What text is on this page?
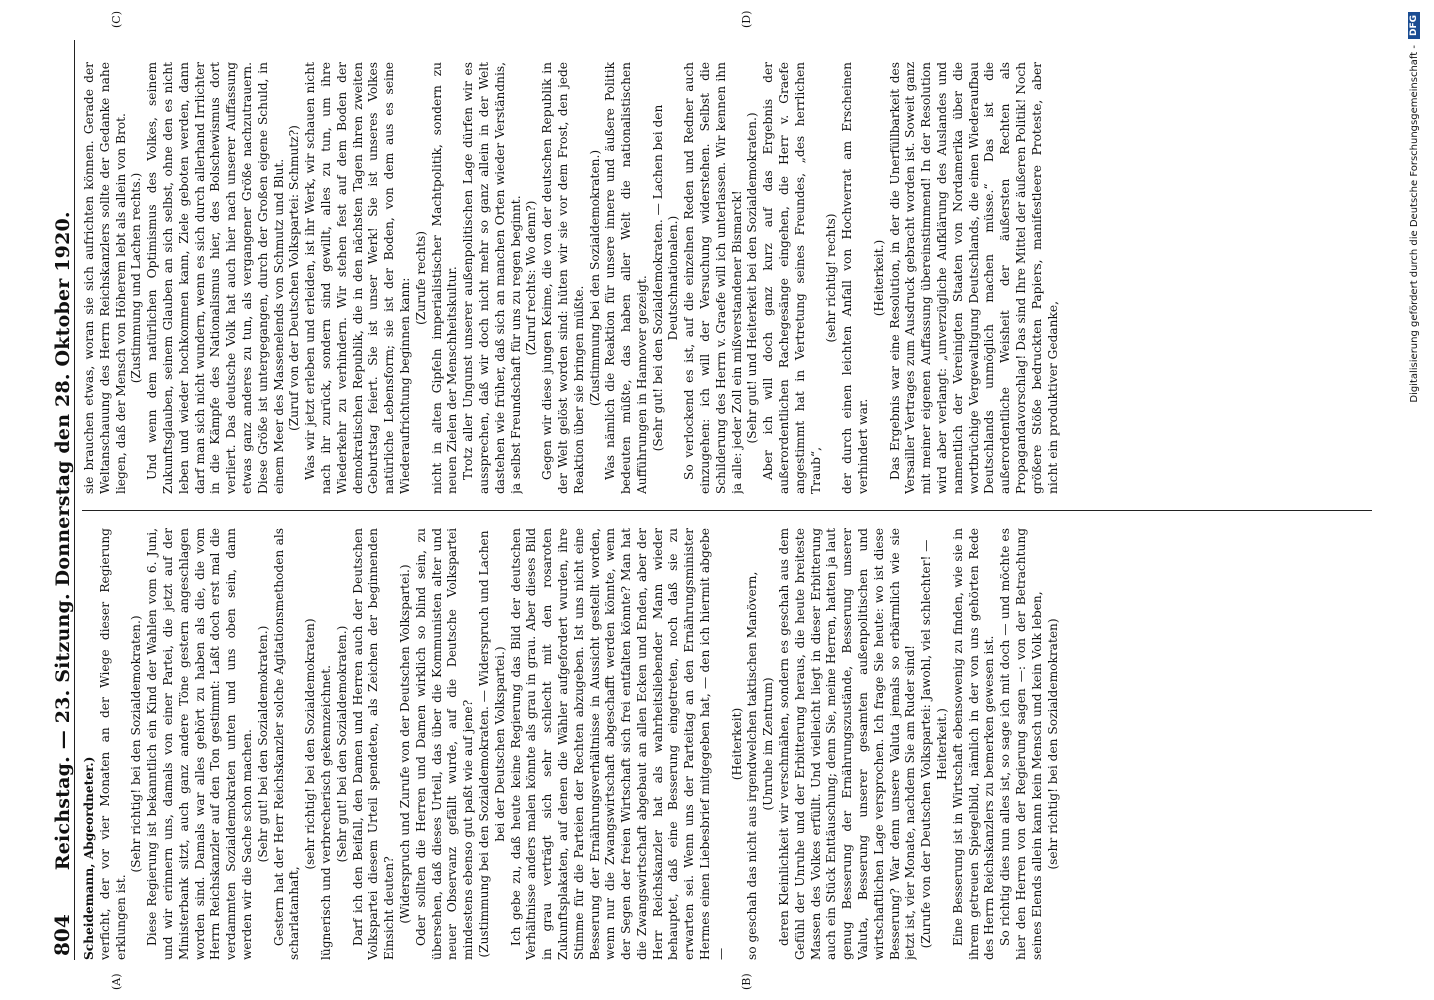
804
Reichstag. — 23. Sitzung. Donnerstag den 28. Oktober 1920. Scheidemann, Abgeordneter.) verficht, der vor vier Monaten an der Wiege dieser Regierung erklungen ist.

(Sehr richtig! bei den Sozialdemokraten.) Diese Regierung ist bekanntlich ein Kind der Wahlen vom 6. Juni, und wir erinnern uns, damals von einer Partei, die jetzt auf der Ministerbank sitzt, auch ganz andere Töne gestern angeschlagen worden sind. Damals war alles gehört zu haben als die, die vom Herrn Reichskanzler auf den Ton gestimmt: Laßt doch erst mal die verdammten Sozialdemokraten unten und uns oben sein, dann werden wir die Sache schon machen. (Sehr gut! bei den Sozialdemokraten.) Gestern hat der Herr Reichskanzler solche Agitationsmethoden als scharlatanhaft,

(sehr richtig! bei den Sozialdemokraten) lügnerisch und verbrecherisch gekennzeichnet. (Sehr gut! bei den Sozialdemokraten.) Darf ich den Beifall, den Damen und Herren auch der Deutschen Volkspartei diesem Urteil spendeten, als Zeichen der beginnenden Einsicht deuten? (Widerspruch und Zurufe von der Deutschen Volkspartei.) Oder sollten die Herren und Damen wirklich so blind sein, zu übersehen, daß dieses Urteil, das über die Kommunisten alter und neuer Observanz gefällt wurde, auf die Deutsche Volkspartei mindestens ebenso gut paßt wie auf jene? (Zustimmung bei den Sozialdemokraten. — Widerspruch und Lachen bei der Deutschen Volkspartei.) Ich gebe zu, daß heute keine Regierung das Bild der deutschen Verhältnisse anders malen könnte als grau in grau. Aber dieses Bild in grau verträgt sich sehr schlecht mit den rosaroten Zukunftsplakaten, auf denen die Wähler aufgefordert wurden, ihre Stimme für die Parteien der Rechten abzugeben. Ist uns nicht eine Besserung der Ernährungsverhältnisse in Aussicht gestellt worden, wenn nur die Zwangswirtschaft abgeschafft werden könnte, wenn der Segen der freien Wirtschaft sich frei entfalten könnte? Man hat die Zwangswirtschaft abgebaut an allen Ecken und Enden, aber der Herr Reichskanzler hat als wahrheitsliebender Mann wieder behauptet, daß eine Besserung eingetreten, noch daß sie zu erwarten sei. Wenn uns der Parteitag an den Ernährungsminister Hermes einen Liebesbrief mitgegeben hat, — den ich hiermit abgebe —

(Heiterkeit) so geschah das nicht aus irgendwelchen taktischen Manövern, (Unruhe im Zentrum) deren Kleinlichkeit wir verschmähen, sondern es geschah aus dem Gefühl der Unruhe und der Erbitterung heraus, die heute breiteste Massen des Volkes erfüllt. Und vielleicht liegt in dieser Erbitterung auch ein Stück Enttäuschung; denn Sie, meine Herren, hatten ja laut genug Besserung der Ernährungszustände, Besserung unserer Valuta, Besserung unserer gesamten außenpolitischen und wirtschaftlichen Lage versprochen. Ich frage Sie heute: wo ist diese Besserung? War denn unsere Valuta jemals so erbärmlich wie sie jetzt ist, vier Monate, nachdem Sie am Ruder sind! (Zurufe von der Deutschen Volkspartei: Jawohl, viel schlechter! — Heiterkeit.) Eine Besserung ist in Wirtschaft ebensowenig zu finden, wie sie in ihrem getreuen Spiegelbild, nämlich in der von uns gehörten Rede des Herrn Reichskanzlers zu bemerken gewesen ist. So richtig dies nun alles ist, so sage ich mit doch — und möchte es hier den Herren von der Regierung sagen —: von der Betrachtung seines Elends allein kann kein Mensch und kein Volk leben, (sehr richtig! bei den Sozialdemokraten)

sie brauchen etwas, woran sie sich aufrichten können. Gerade der Weltanschauung des Herrn Reichskanzlers sollte der Gedanke nahe liegen, daß der Mensch von Höherem lebt als allein von Brot. (Zustimmung und Lachen rechts.) Und wenn dem natürlichen Optimismus des Volkes, seinem Zukunftsglauben, seinem Glauben an sich selbst, ohne den es nicht leben und wieder hochkommen kann, Ziele geboten werden, dann darf man sich nicht wundern, wenn es sich durch allerhand Irrlichter in die Kämpfe des Nationalismus hier, des Bolschewismus dort verliert. Das deutsche Volk hat auch hier nach unserer Auffassung etwas ganz anderes zu tun, als vergangener Größe nachzutrauern. Diese Größe ist untergegangen, durch der Großen eigene Schuld, in einem Meer des Massenelends von Schmutz und Blut. (Zuruf von der Deutschen Volkspartei: Schmutz?) Was wir jetzt erleben und erleiden, ist ihr Werk, wir schauen nicht nach ihr zurück, sondern sind gewillt, alles zu tun, um ihre Wiederkehr zu verhindern. Wir stehen fest auf dem Boden der demokratischen Republik, die in den nächsten Tagen ihren zweiten Geburtstag feiert. Sie ist unser Werk! Sie ist unseres Volkes natürliche Lebensform; sie ist der Boden, von dem aus es seine Wiederaufrichtung beginnen kann: (Zurufe rechts) nicht in alten Gipfeln imperialistischer Machtpolitik, sondern zu neuen Zielen der Menschheitskultur. Trotz aller Ungunst unserer außenpolitischen Lage dürfen wir es aussprechen, daß wir doch nicht mehr so ganz allein in der Welt dastehen wie früher, daß sich an manchen Orten wieder Verständnis, ja selbst Freundschaft für uns zu regen beginnt. (Zuruf rechts: Wo denn?) Gegen wir diese jungen Keime, die von der deutschen Republik in der Welt gelöst worden sind: hüten wir sie vor dem Frost, den jede Reaktion über sie bringen müßte. (Zustimmung bei den Sozialdemokraten.) Was nämlich die Reaktion für unsere innere und äußere Politik bedeuten müßte, das haben aller Welt die nationalistischen Aufführungen in Hannover gezeigt. (Sehr gut! bei den Sozialdemokraten. — Lachen bei den Deutschnationalen.) So verlockend es ist, auf die einzelnen Reden und Redner auch einzugehen: ich will der Versuchung widerstehen. Selbst die Schilderung des Herrn v. Graefe will ich unterlassen. Wir kennen ihn ja alle: jeder Zoll ein mißverstandener Bismarck! (Sehr gut! und Heiterkeit bei den Sozialdemokraten.) Aber ich will doch ganz kurz auf das Ergebnis der außerordentlichen Rachegesänge eingehen, die Herr v. Graefe angestimmt hat in Vertretung seines Freundes, „des herrlichen Traub“,

(sehr richtig! rechts) der durch einen leichten Anfall von Hochverrat am Erscheinen verhindert war.

(Heiterkeit.) Das Ergebnis war eine Resolution, in der die Unerfüllbarkeit des Versailler Vertrages zum Ausdruck gebracht worden ist. Soweit ganz mit meiner eigenen Auffassung übereinstimmend! In der Resolution wird aber verlangt: „unverzügliche Aufklärung des Auslandes und namentlich der Vereinigten Staaten von Nordamerika über die wortbrüchige Vergewaltigung Deutschlands, die einen Wiederaufbau Deutschlands unmöglich machen müsse.“ Das ist die außerordentliche Weisheit der äußersten Rechten als Propagandavorschlag! Das sind Ihre Mittel der äußeren Politik! Noch größere Stöße bedruckten Papiers, manifestleere Proteste, aber nicht ein produktiver Gedanke,

(A)	(B)
(C)	(D)
Digitalisierung gefördert durch die Deutsche Forschungsgemeinschaft -
DFG
